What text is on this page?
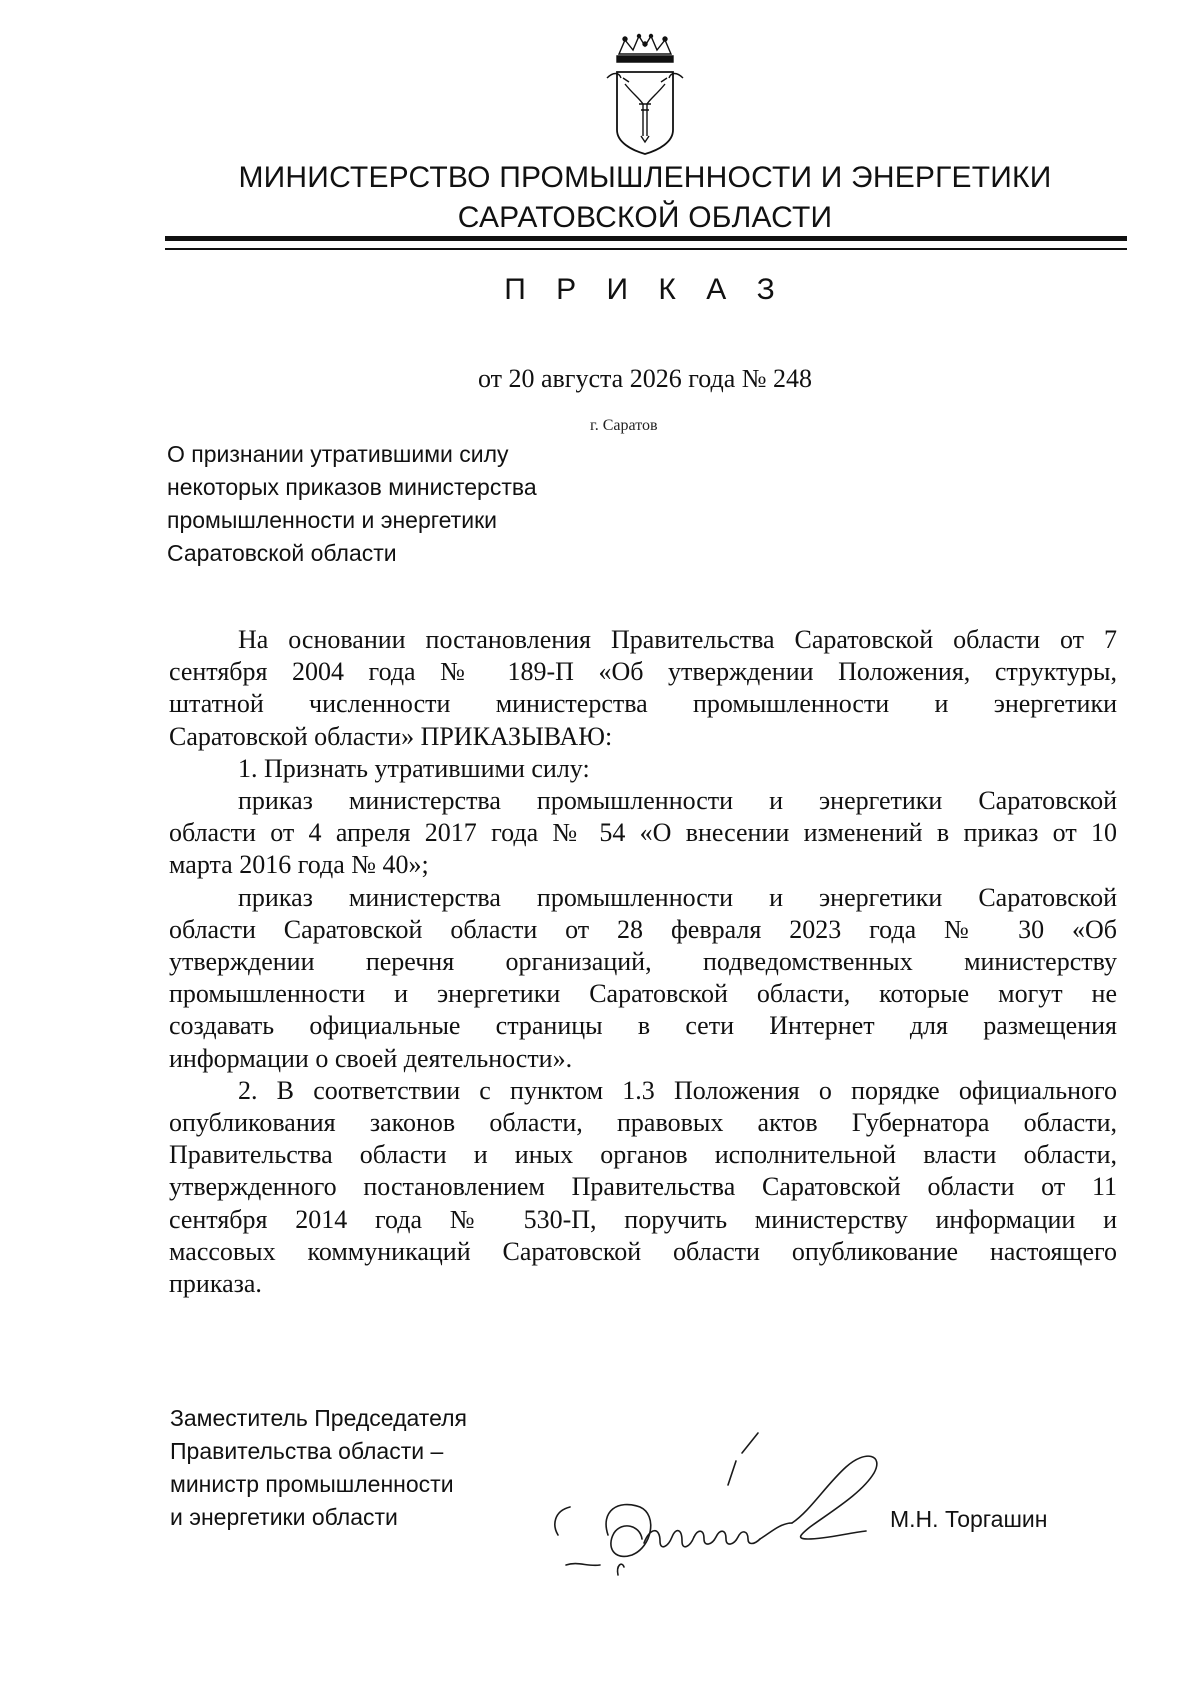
МИНИСТЕРСТВО ПРОМЫШЛЕННОСТИ И ЭНЕРГЕТИКИ
САРАТОВСКОЙ ОБЛАСТИ
П Р И К А З
от 20 августа 2026 года № 248
г. Саратов
О признании утратившими силу
некоторых приказов министерства
промышленности и энергетики
Саратовской области
На основании постановления Правительства Саратовской области от 7
сентября 2004 года № 189-П «Об утверждении Положения, структуры,
штатной численности министерства промышленности и энергетики
Саратовской области» ПРИКАЗЫВАЮ:
1. Признать утратившими силу:
приказ министерства промышленности и энергетики Саратовской
области от 4 апреля 2017 года № 54 «О внесении изменений в приказ от 10
марта 2016 года № 40»;
приказ министерства промышленности и энергетики Саратовской
области Саратовской области от 28 февраля 2023 года № 30 «Об
утверждении перечня организаций, подведомственных министерству
промышленности и энергетики Саратовской области, которые могут не
создавать официальные страницы в сети Интернет для размещения
информации о своей деятельности».
2. В соответствии с пунктом 1.3 Положения о порядке официального
опубликования законов области, правовых актов Губернатора области,
Правительства области и иных органов исполнительной власти области,
утвержденного постановлением Правительства Саратовской области от 11
сентября 2014 года № 530-П, поручить министерству информации и
массовых коммуникаций Саратовской области опубликование настоящего
приказа.
Заместитель Председателя
Правительства области –
министр промышленности
и энергетики области	М.Н. Торгашин
